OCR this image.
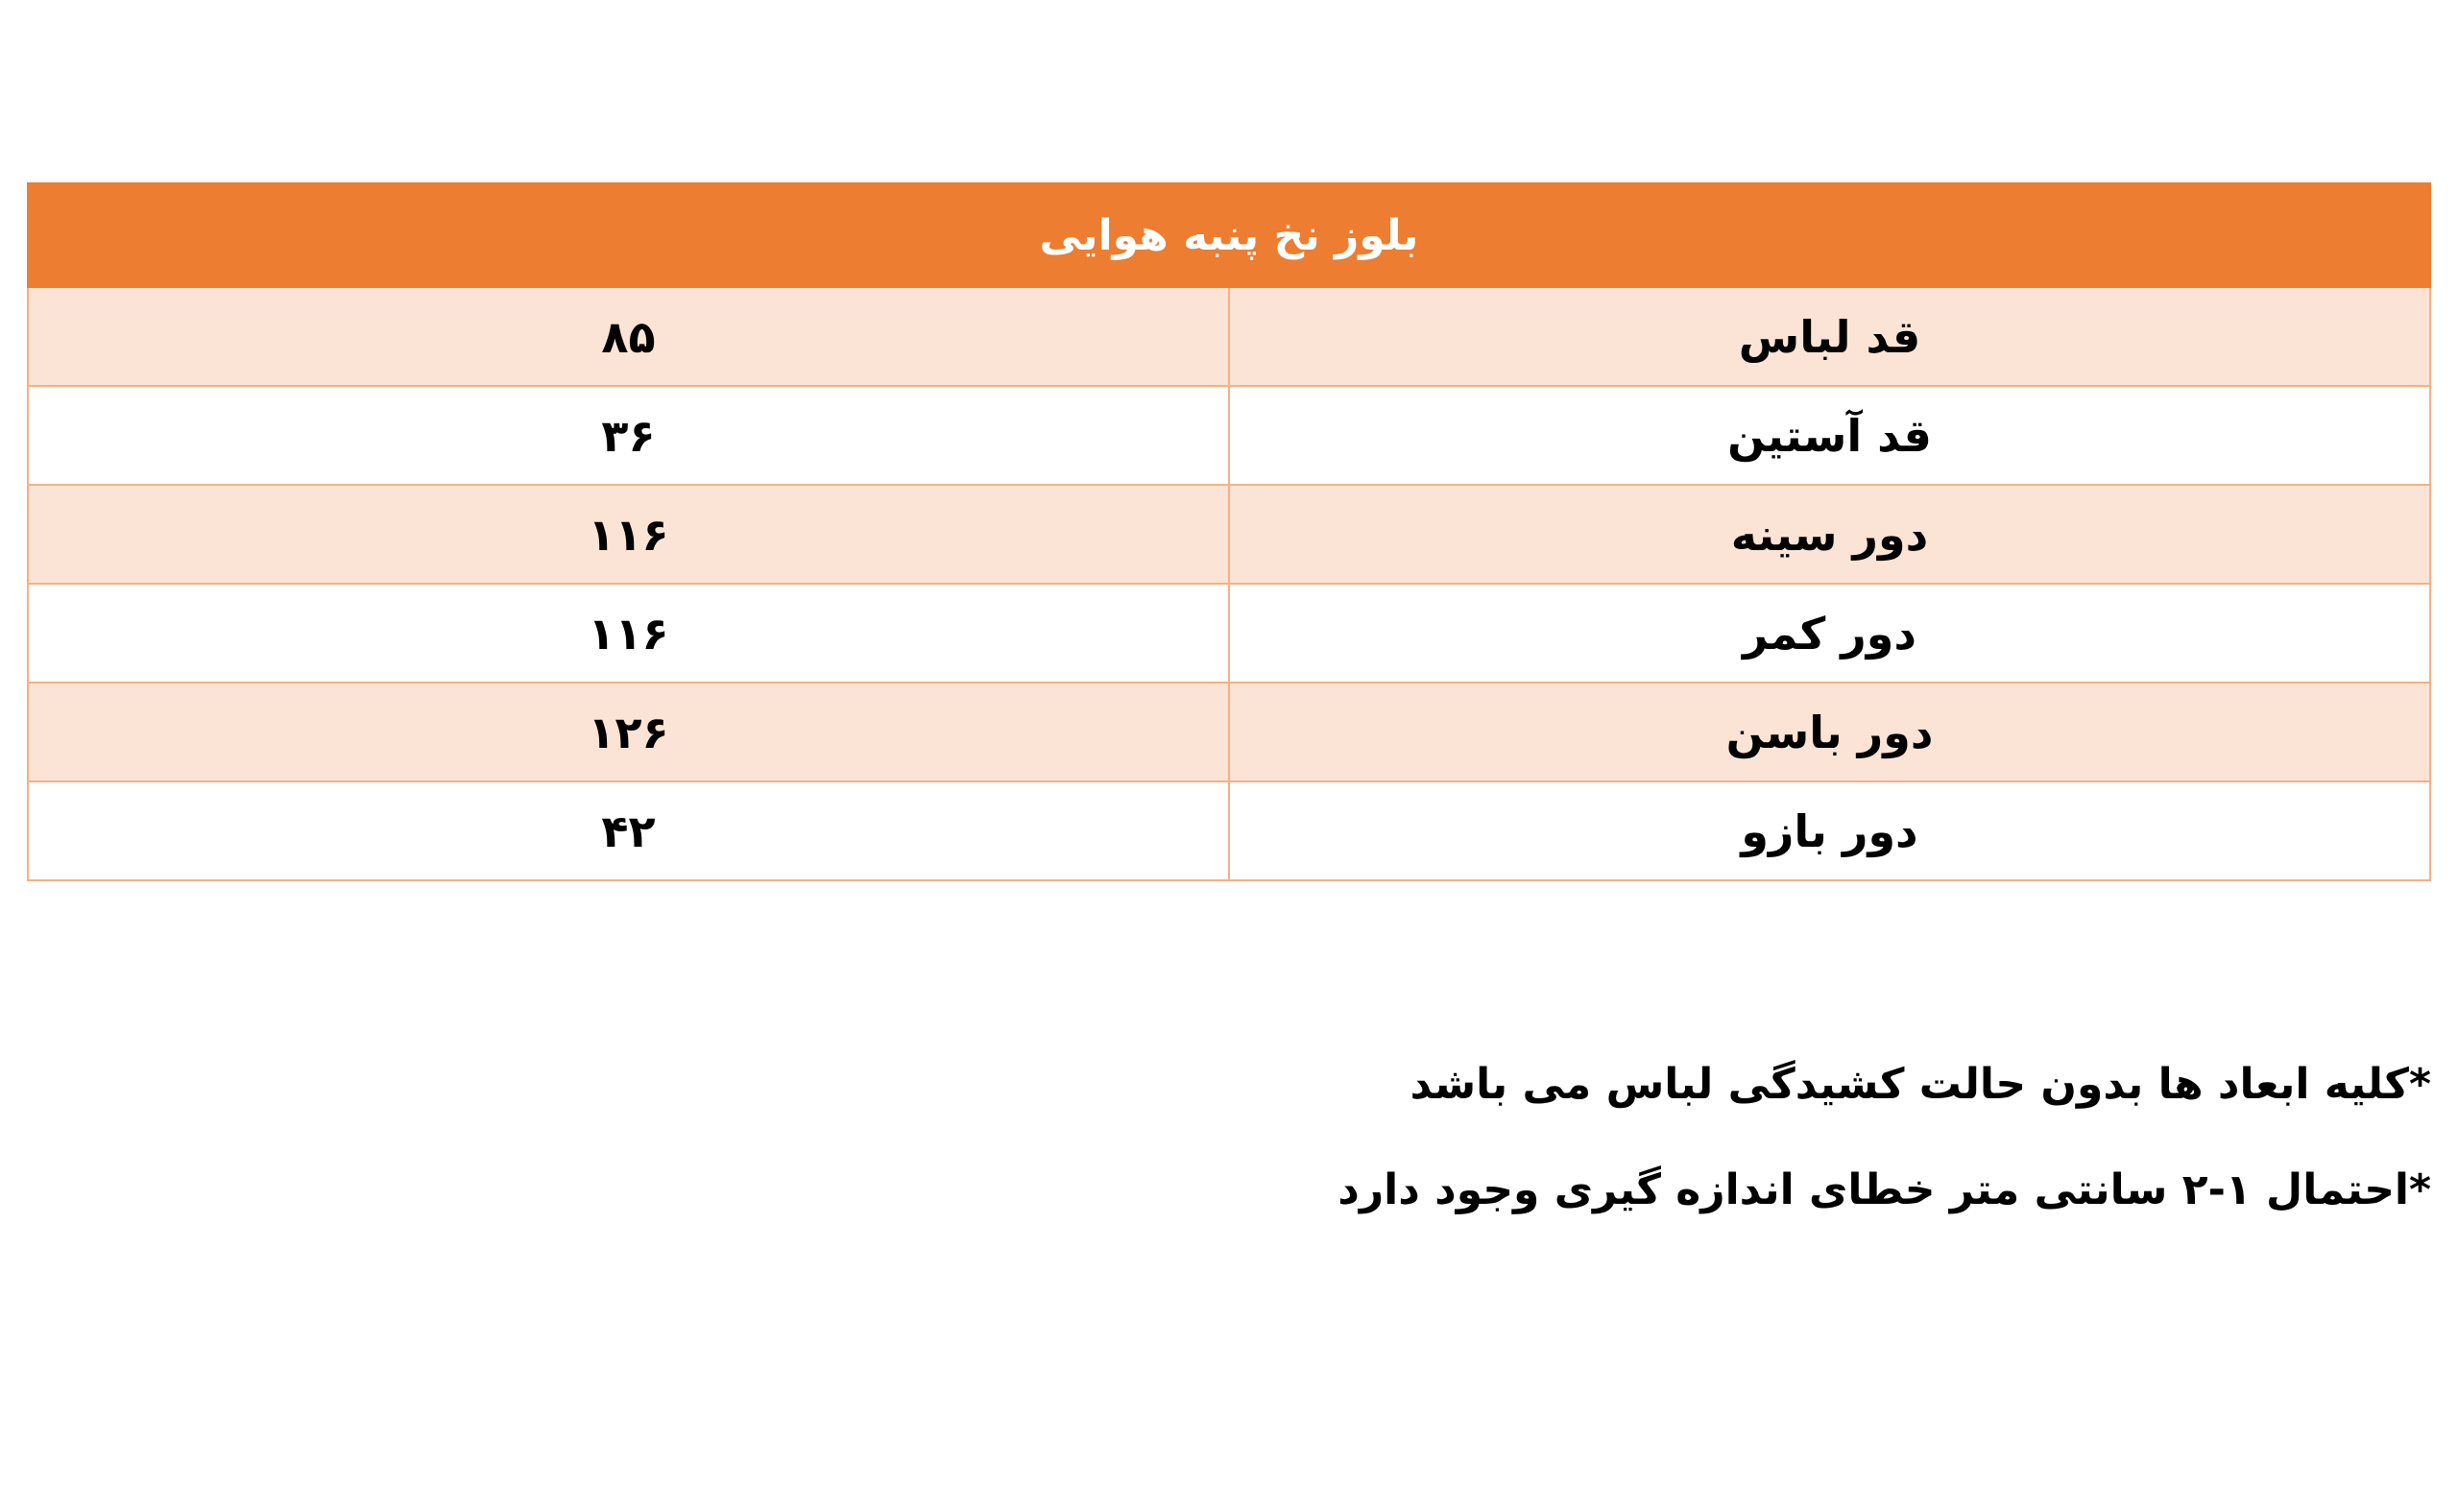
بلوز نخ پنبه هوایی	
قد لباس	۸۵
قد آستین	۳۶
دور سینه	۱۱۶
دور کمر	۱۱۶
دور باسن	۱۲۶
دور بازو	۴۲
*کلیه ابعاد ها بدون حالت کشیدگی لباس می باشد
*احتمال ۱-۲ سانتی متر خطای اندازه گیری وجود دارد
